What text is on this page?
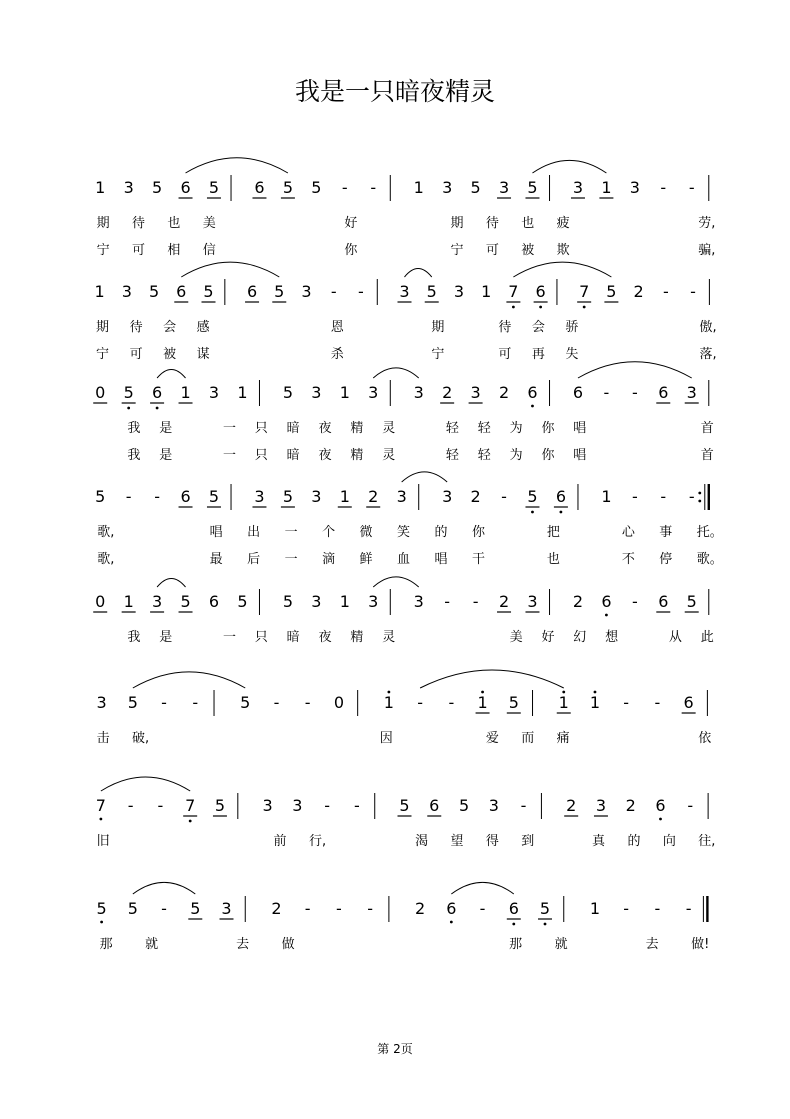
我是一只暗夜精灵
1 3 5 6 5 6 5 5 - - 1 3 5 3 5 3 1 3 - -
期 待 也 美	好	期 待 也 疲	劳,
宁 可 相 信	你	宁 可 被 欺	骗,
1 3 5 6 5 6 5 3 - - 3 5 3 1 7 6 7 5 2 - -
期 待 会 感	恩	期	待 会 骄	傲,
宁 可 被 谋	杀	宁	可 再 失	落,
0 5 6 1 3 1 5 3 1 3 3 2 3 2 6 6 - - 6 3
我 是	一 只 暗 夜 精 灵	轻 轻 为 你 唱	首
我 是	一 只 暗 夜 精 灵	轻 轻 为 你 唱	首
5 - - 6 5 3 5 3 1 2 3 3 2 - 5 6 1 - - -
歌,	唱 出 一 个 微 笑 的 你	把	心 事 托。
歌,	最 后 一 滴 鲜 血 唱 干	也	不 停 歌。
0 1 3 5 6 5 5 3 1 3 3 - - 2 3 2 6 - 6 5
我 是	一 只 暗 夜 精 灵	美 好 幻 想	从 此
3 5 - -	5 - - 0 1 - - 1 5 1 1 - - 6
击 破,	因	爱 而 痛	依
7 - - 7 5 3 3 - - 5 6 5 3 - 2 3 2 6 -
旧	前 行,	渴 望 得 到	真 的 向 往,
5 5 - 5 3 2 - - -	2 6 - 6 5 1 - - -
那 就	去 做	那 就	去 做!
第 2页
